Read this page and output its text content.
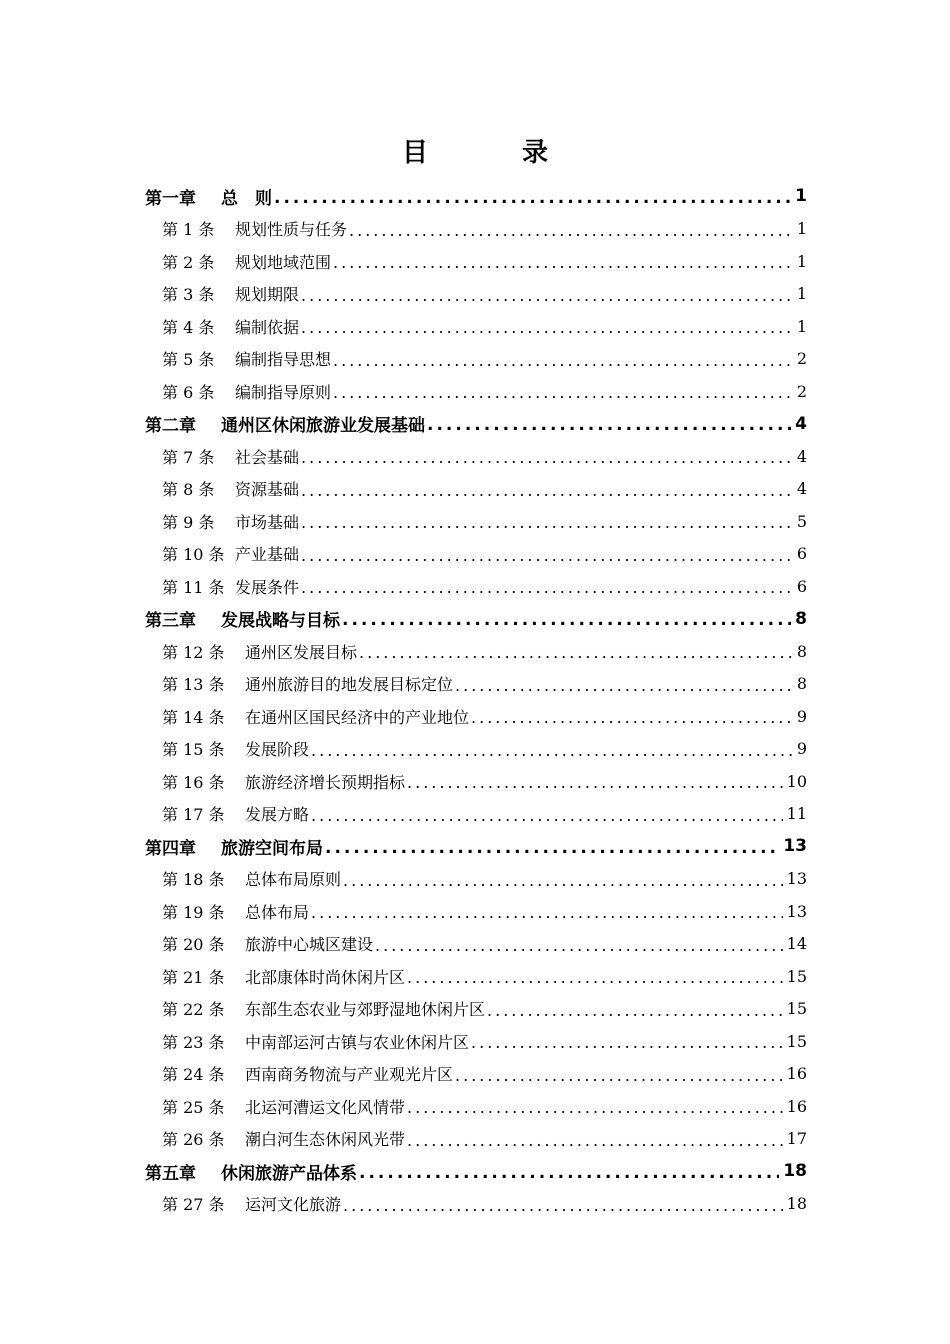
目　录
第一章	总　则 .....	1
第 1 条	规划性质与任务 .....	1
第 2 条	规划地域范围 .....	1
第 3 条	规划期限 .....	1
第 4 条	编制依据 .....	1
第 5 条	编制指导思想 .....	2
第 6 条	编制指导原则 .....	2
第二章	通州区休闲旅游业发展基础 .....	4
第 7 条	社会基础 .....	4
第 8 条	资源基础 .....	4
第 9 条	市场基础 .....	5
第 10 条 产业基础 .....	6
第 11 条 发展条件 .....	6
第三章	发展战略与目标 .....	8
第 12 条	通州区发展目标 .....	8
第 13 条	通州旅游目的地发展目标定位 .....	8
第 14 条	在通州区国民经济中的产业地位 .....	9
第 15 条	发展阶段 .....	9
第 16 条	旅游经济增长预期指标 .....	10
第 17 条	发展方略 .....	11
第四章	旅游空间布局 .....	13
第 18 条	总体布局原则 .....	13
第 19 条	总体布局 .....	13
第 20 条	旅游中心城区建设 .....	14
第 21 条	北部康体时尚休闲片区 .....	15
第 22 条	东部生态农业与郊野湿地休闲片区 .....	15
第 23 条	中南部运河古镇与农业休闲片区 .....	15
第 24 条	西南商务物流与产业观光片区 .....	16
第 25 条	北运河漕运文化风情带 .....	16
第 26 条	潮白河生态休闲风光带 .....	17
第五章	休闲旅游产品体系 .....	18
第 27 条	运河文化旅游 .....	18
